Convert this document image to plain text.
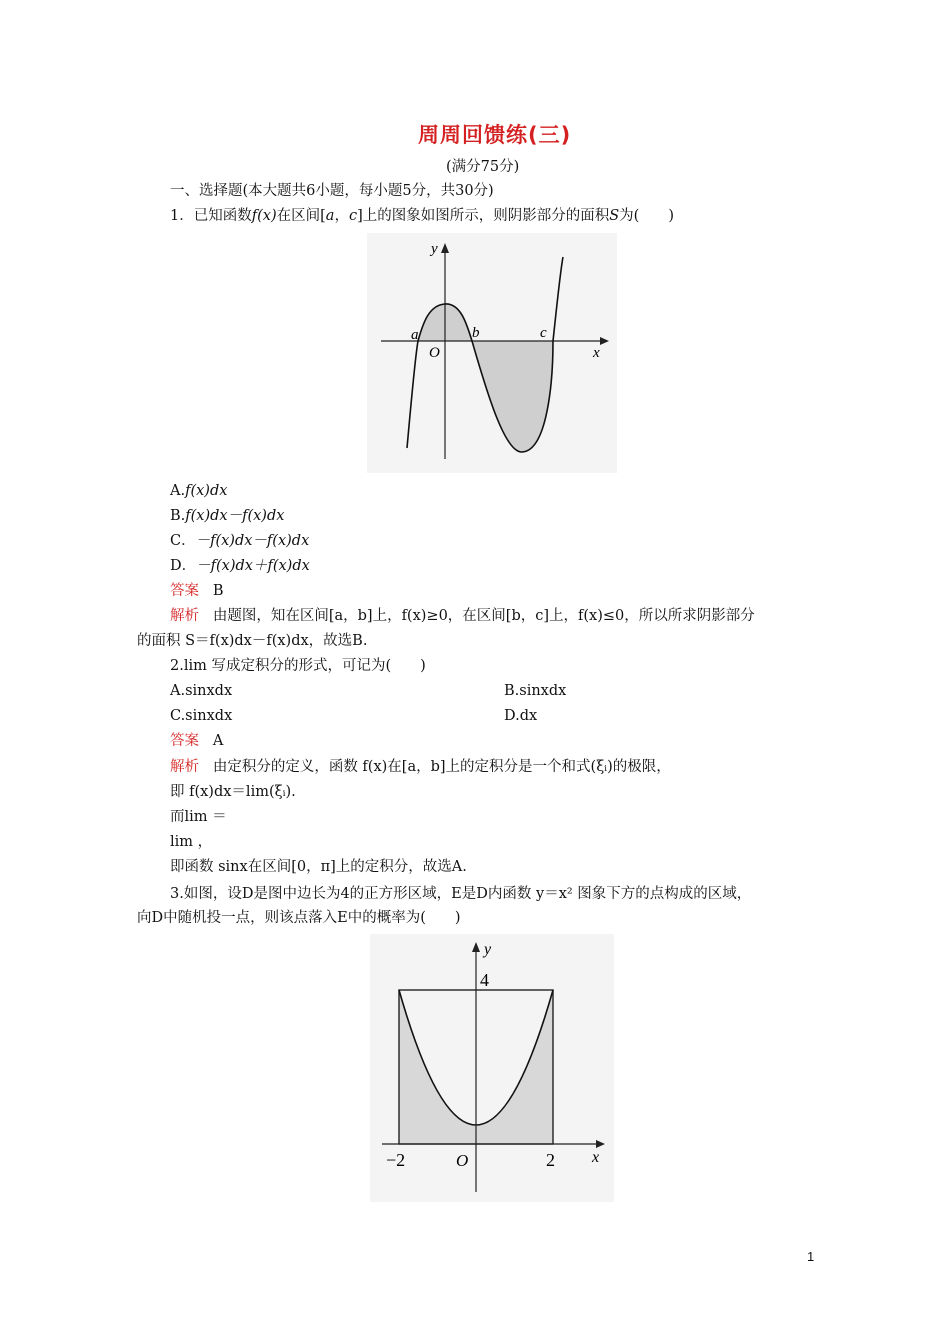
周周回馈练(三)
(满分75分)
一、选择题(本大题共6小题，每小题5分，共30分)
1．已知函数f(x)在区间[a，c]上的图象如图所示，则阴影部分的面积S为(　　)
y
x
O
a	b	c
A.f(x)dx
B.f(x)dx－f(x)dx
C．－f(x)dx－f(x)dx
D．－f(x)dx＋f(x)dx
答案 B
解析 由题图，知在区间[a，b]上，f(x)≥0，在区间[b，c]上，f(x)≤0，所以所求阴影部分
的面积 S＝f(x)dx－f(x)dx，故选B.
2.lim 写成定积分的形式，可记为(　　)
A.sinxdx	B.sinxdx
C.sinxdx	D.dx
答案 A
解析 由定积分的定义，函数 f(x)在[a，b]上的定积分是一个和式(ξᵢ)的极限，
即 f(x)dx＝lim(ξᵢ).
而lim ＝
lim ，
即函数 sinx在区间[0，π]上的定积分，故选A.
3.如图，设D是图中边长为4的正方形区域，E是D内函数 y＝x² 图象下方的点构成的区域，
向D中随机投一点，则该点落入E中的概率为(　　)
y
x
O
4
−2	2
1
